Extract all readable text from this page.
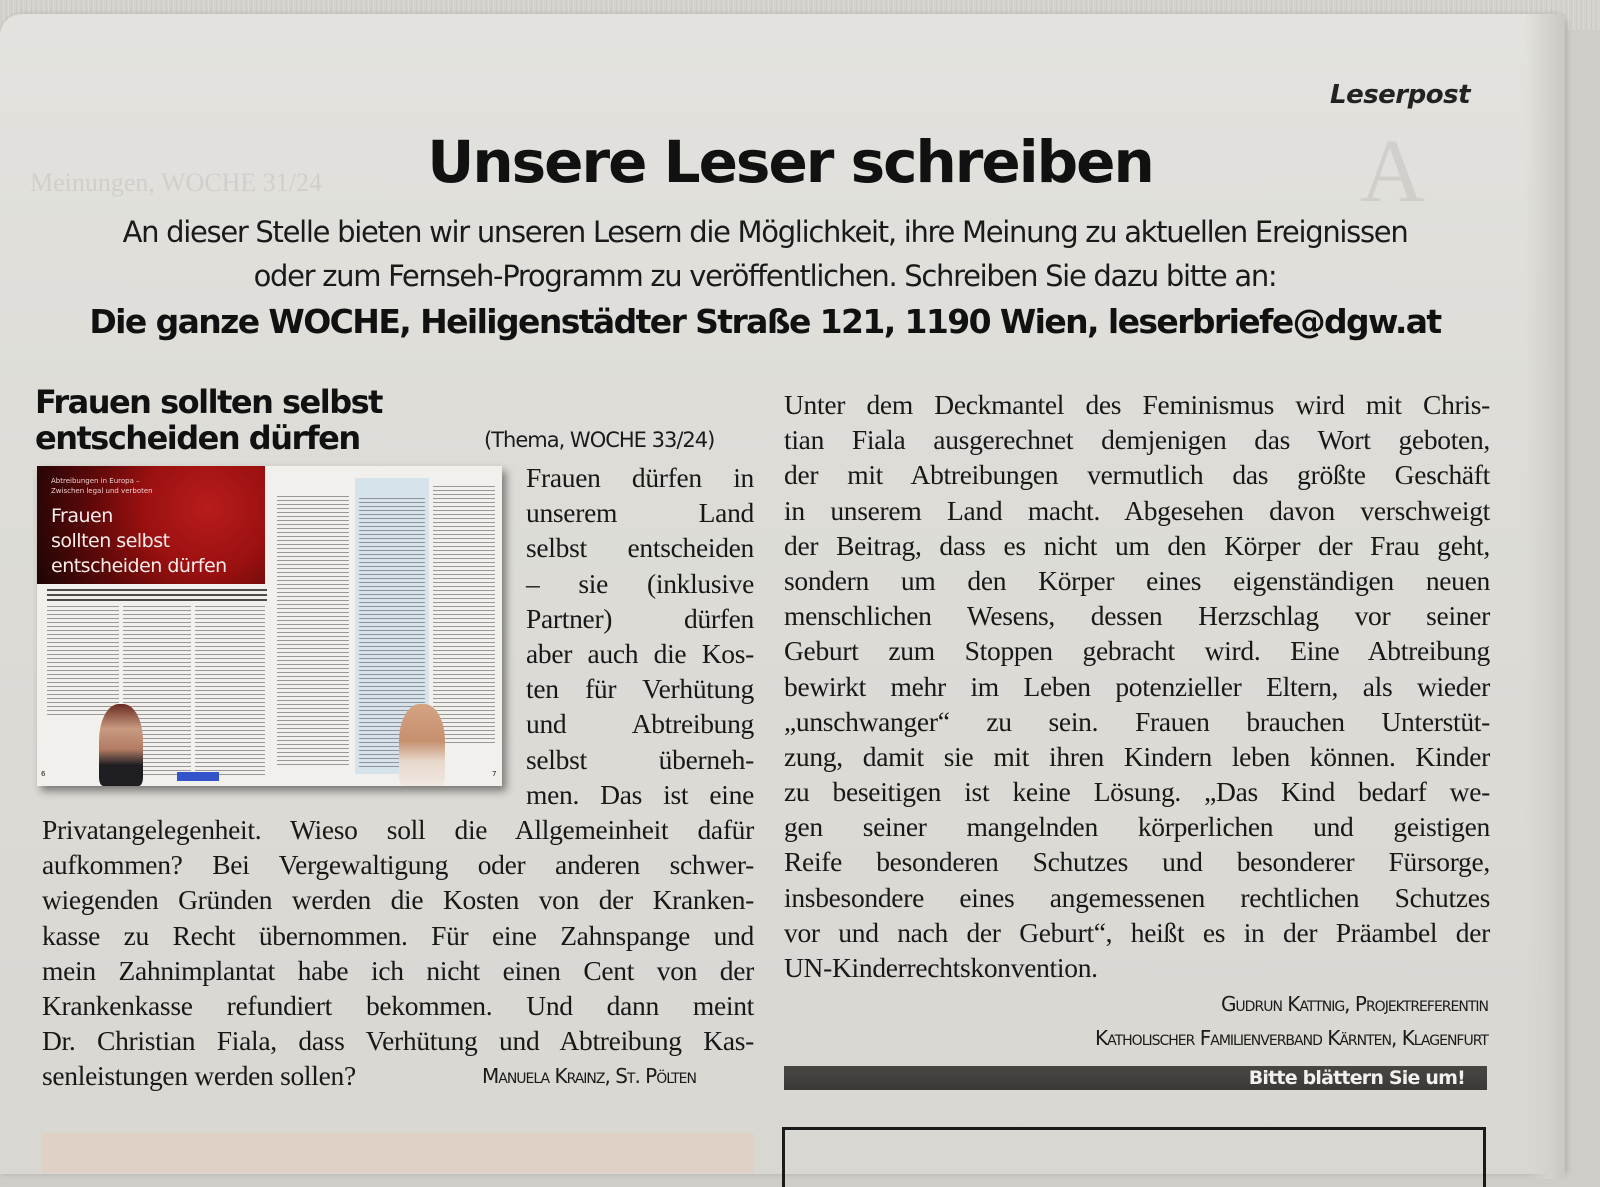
Meinungen, WOCHE 31/24	A
Leserpost
Unsere Leser schreiben
An dieser Stelle bieten wir unseren Lesern die Möglichkeit, ihre Meinung zu aktuellen Ereignissen
oder zum Fernseh-Programm zu veröffentlichen. Schreiben Sie dazu bitte an:
Die ganze WOCHE, Heiligenstädter Straße 121, 1190 Wien, leserbriefe@dgw.at
Frauen sollten selbst
entscheiden dürfen	(Thema, WOCHE 33/24)
Abtreibungen in Europa –
Zwischen legal und verboten
Frauen
sollten selbst
entscheiden dürfen
6	7
Frauen dürfen in
unserem Land
selbst entscheiden
– sie (inklusive
Partner) dürfen
aber auch die Kos-
ten für Verhütung
und Abtreibung
selbst überneh-
men. Das ist eine
Privatangelegenheit. Wieso soll die Allgemeinheit dafür
aufkommen? Bei Vergewaltigung oder anderen schwer-
wiegenden Gründen werden die Kosten von der Kranken-
kasse zu Recht übernommen. Für eine Zahnspange und
mein Zahnimplantat habe ich nicht einen Cent von der
Krankenkasse refundiert bekommen. Und dann meint
Dr. Christian Fiala, dass Verhütung und Abtreibung Kas-
senleistungen werden sollen?	Manuela Krainz, St. Pölten
Unter dem Deckmantel des Feminismus wird mit Chris-
tian Fiala ausgerechnet demjenigen das Wort geboten,
der mit Abtreibungen vermutlich das größte Geschäft
in unserem Land macht. Abgesehen davon verschweigt
der Beitrag, dass es nicht um den Körper der Frau geht,
sondern um den Körper eines eigenständigen neuen
menschlichen Wesens, dessen Herzschlag vor seiner
Geburt zum Stoppen gebracht wird. Eine Abtreibung
bewirkt mehr im Leben potenzieller Eltern, als wieder
„unschwanger“ zu sein. Frauen brauchen Unterstüt-
zung, damit sie mit ihren Kindern leben können. Kinder
zu beseitigen ist keine Lösung. „Das Kind bedarf we-
gen seiner mangelnden körperlichen und geistigen
Reife besonderen Schutzes und besonderer Fürsorge,
insbesondere eines angemessenen rechtlichen Schutzes
vor und nach der Geburt“, heißt es in der Präambel der
UN-Kinderrechtskonvention.
Gudrun Kattnig, Projektreferentin
Katholischer Familienverband Kärnten, Klagenfurt
Bitte blättern Sie um!
